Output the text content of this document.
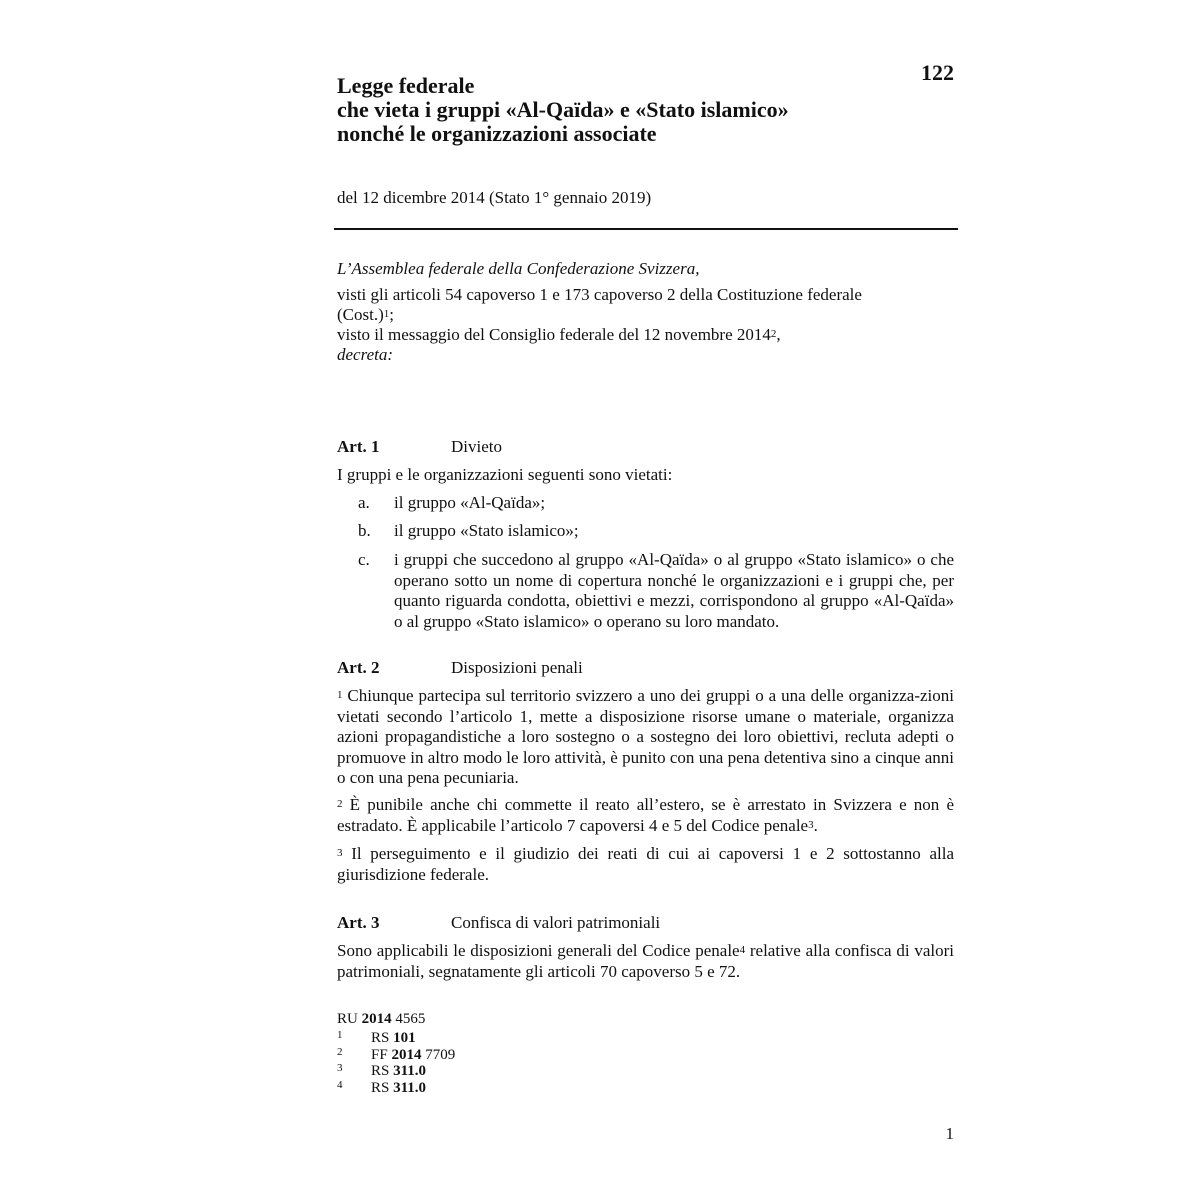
122
Legge federale
che vieta i gruppi «Al-Qaïda» e «Stato islamico»
nonché le organizzazioni associate
del 12 dicembre 2014 (Stato 1° gennaio 2019)
L’Assemblea federale della Confederazione Svizzera,
visti gli articoli 54 capoverso 1 e 173 capoverso 2 della Costituzione federale
(Cost.)$^1$;
visto il messaggio del Consiglio federale del 12 novembre 2014$^2$,
decreta:
Art. 1	Divieto
I gruppi e le organizzazioni seguenti sono vietati:
a. il gruppo «Al-Qaïda»;
b. il gruppo «Stato islamico»;
c. i gruppi che succedono al gruppo «Al-Qaïda» o al gruppo «Stato islamico» o che operano sotto un nome di copertura nonché le organizzazioni e i gruppi che, per quanto riguarda condotta, obiettivi e mezzi, corrispondono al gruppo «Al-Qaïda» o al gruppo «Stato islamico» o operano su loro mandato.
Art. 2	Disposizioni penali
$^1$ Chiunque partecipa sul territorio svizzero a uno dei gruppi o a una delle organizza-zioni vietati secondo l’articolo 1, mette a disposizione risorse umane o materiale, organizza azioni propagandistiche a loro sostegno o a sostegno dei loro obiettivi, recluta adepti o promuove in altro modo le loro attività, è punito con una pena detentiva sino a cinque anni o con una pena pecuniaria.
$^2$ È punibile anche chi commette il reato all’estero, se è arrestato in Svizzera e non è estradato. È applicabile l’articolo 7 capoversi 4 e 5 del Codice penale$^3$.
$^3$ Il perseguimento e il giudizio dei reati di cui ai capoversi 1 e 2 sottostanno alla giurisdizione federale.
Art. 3	Confisca di valori patrimoniali
Sono applicabili le disposizioni generali del Codice penale$^4$ relative alla confisca di valori patrimoniali, segnatamente gli articoli 70 capoverso 5 e 72.
RU 2014 4565
1 RS 101
2 FF 2014 7709
3 RS 311.0
4 RS 311.0
1
